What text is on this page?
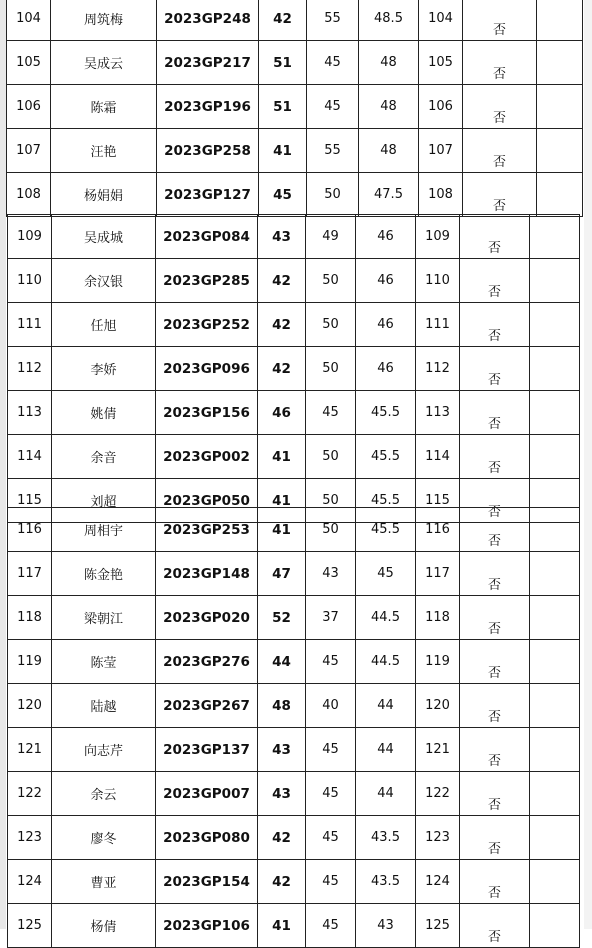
104	周筑梅	2023GP248	42	55	48.5	104	否	
105	吴成云	2023GP217	51	45	48	105	否	
106	陈霜	2023GP196	51	45	48	106	否	
107	汪艳	2023GP258	41	55	48	107	否	
108	杨娟娟	2023GP127	45	50	47.5	108	否	
109	吴成城	2023GP084	43	49	46	109	否	
110	余汉银	2023GP285	42	50	46	110	否	
111	任旭	2023GP252	42	50	46	111	否	
112	李娇	2023GP096	42	50	46	112	否	
113	姚倩	2023GP156	46	45	45.5	113	否	
114	余音	2023GP002	41	50	45.5	114	否	
115	刘超	2023GP050	41	50	45.5	115	否	
116	周相宇	2023GP253	41	50	45.5	116	否	
117	陈金艳	2023GP148	47	43	45	117	否	
118	梁朝江	2023GP020	52	37	44.5	118	否	
119	陈莹	2023GP276	44	45	44.5	119	否	
120	陆越	2023GP267	48	40	44	120	否	
121	向志芹	2023GP137	43	45	44	121	否	
122	余云	2023GP007	43	45	44	122	否	
123	廖冬	2023GP080	42	45	43.5	123	否	
124	曹亚	2023GP154	42	45	43.5	124	否	
125	杨倩	2023GP106	41	45	43	125	否	
